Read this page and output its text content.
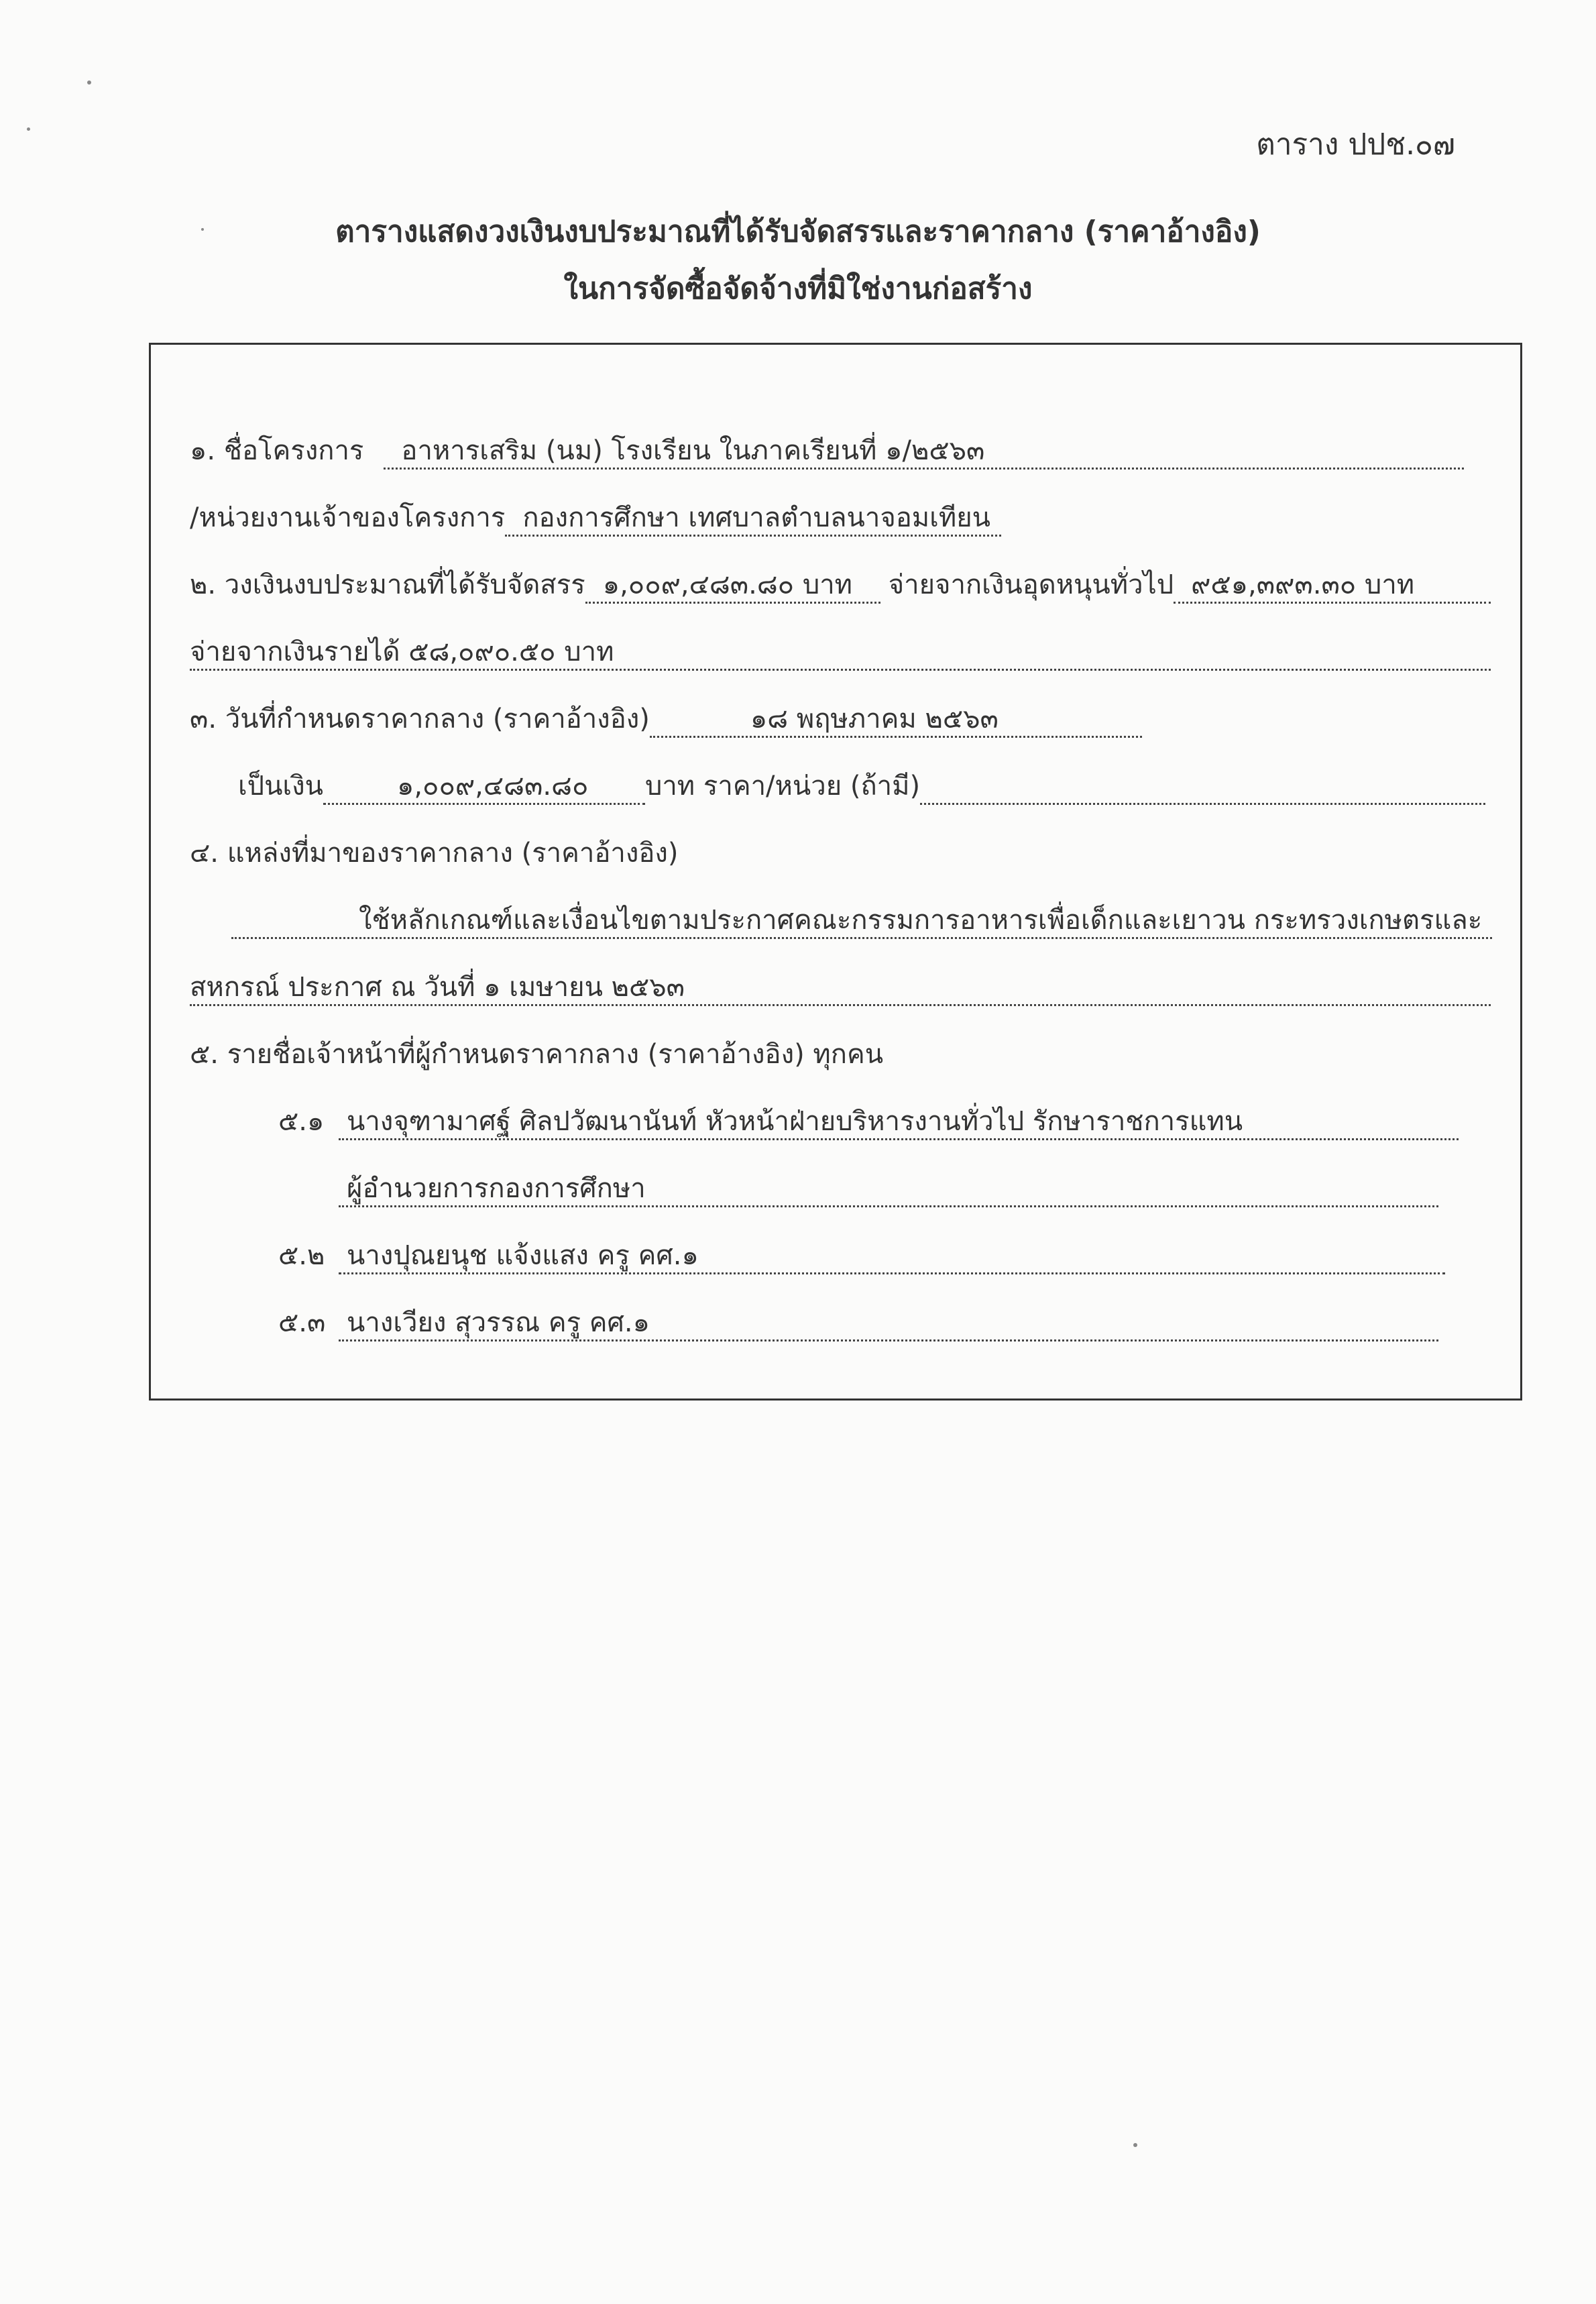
ตาราง ปปช.๐๗
ตารางแสดงวงเงินงบประมาณที่ได้รับจัดสรรและราคากลาง (ราคาอ้างอิง)
ในการจัดซื้อจัดจ้างที่มิใช่งานก่อสร้าง
๑. ชื่อโครงการ	อาหารเสริม (นม) โรงเรียน ในภาคเรียนที่ ๑/๒๕๖๓
/หน่วยงานเจ้าของโครงการ กองการศึกษา เทศบาลตำบลนาจอมเทียน
๒. วงเงินงบประมาณที่ได้รับจัดสรร ๑,๐๐๙,๔๘๓.๘๐ บาท	จ่ายจากเงินอุดหนุนทั่วไป ๙๕๑,๓๙๓.๓๐ บาท
จ่ายจากเงินรายได้ ๕๘,๐๙๐.๕๐ บาท
๓. วันที่กำหนดราคากลาง (ราคาอ้างอิง)	๑๘ พฤษภาคม ๒๕๖๓
เป็นเงิน	๑,๐๐๙,๔๘๓.๘๐	บาท ราคา/หน่วย (ถ้ามี)
๔. แหล่งที่มาของราคากลาง (ราคาอ้างอิง)
ใช้หลักเกณฑ์และเงื่อนไขตามประกาศคณะกรรมการอาหารเพื่อเด็กและเยาวน กระทรวงเกษตรและ
สหกรณ์ ประกาศ ณ วันที่ ๑ เมษายน ๒๕๖๓
๕. รายชื่อเจ้าหน้าที่ผู้กำหนดราคากลาง (ราคาอ้างอิง) ทุกคน
๕.๑ นางจุฑามาศฐ์ ศิลปวัฒนานันท์ หัวหน้าฝ่ายบริหารงานทั่วไป รักษาราชการแทน
ผู้อำนวยการกองการศึกษา
๕.๒ นางปุณยนุช แจ้งแสง ครู คศ.๑
๕.๓ นางเวียง สุวรรณ ครู คศ.๑
